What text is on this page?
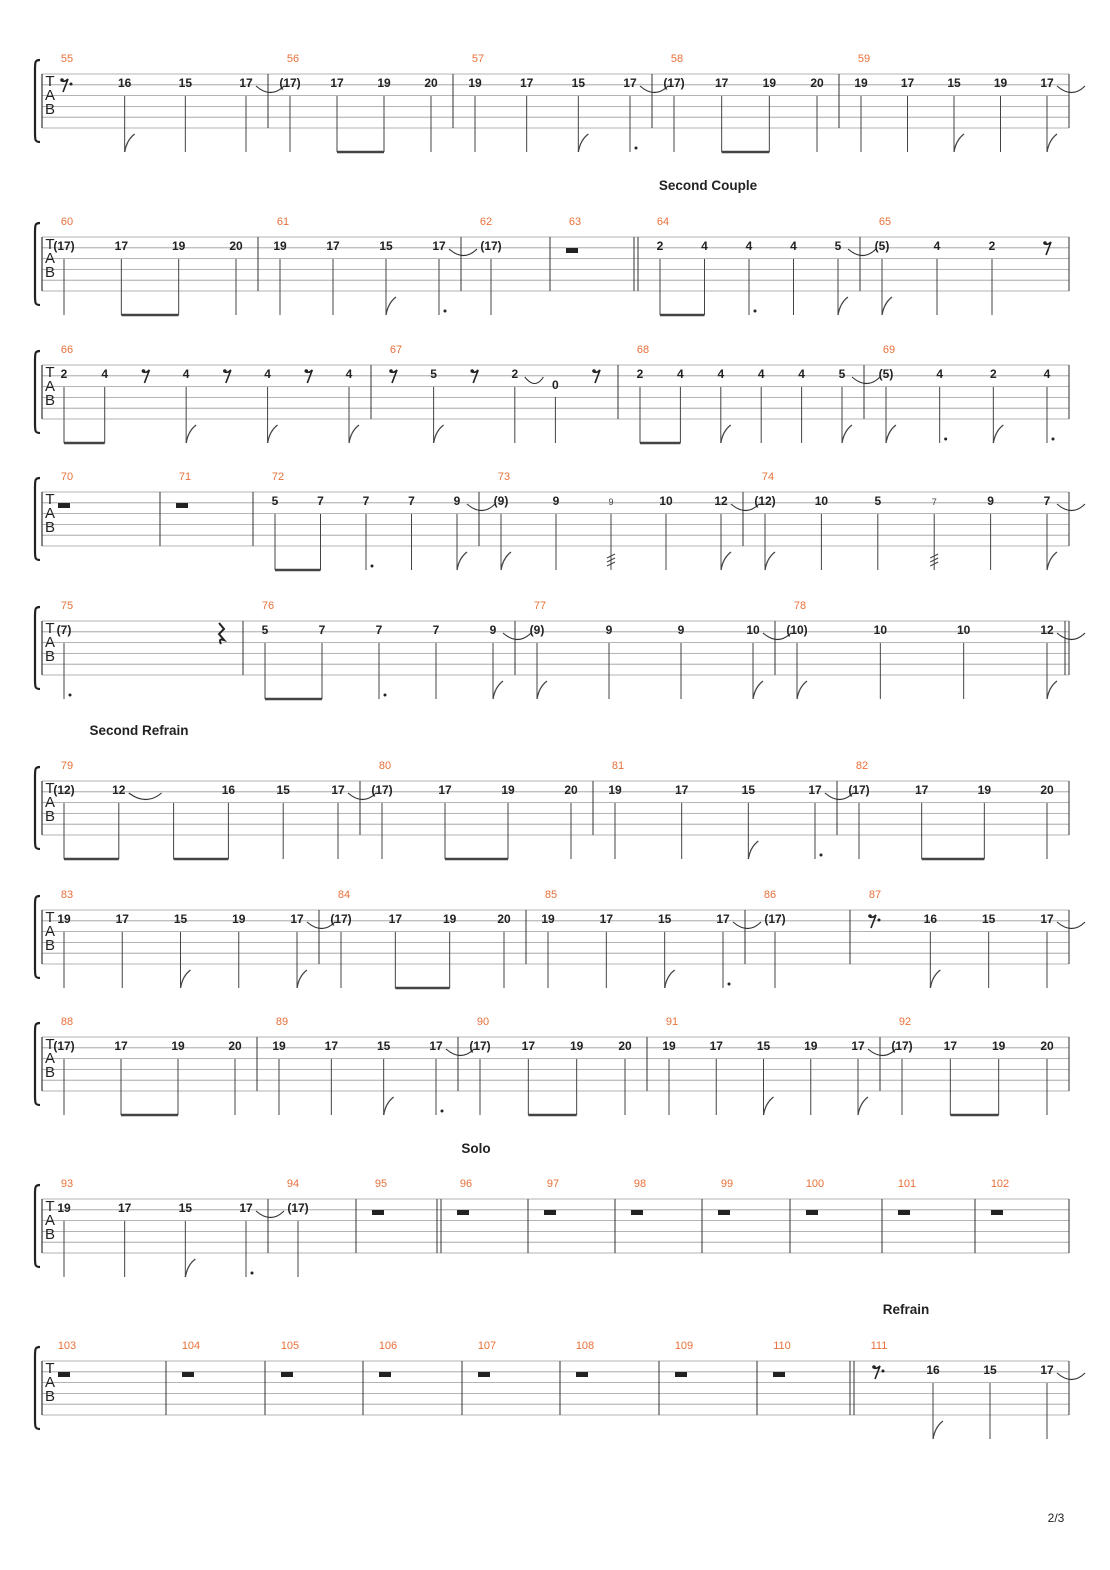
Second Couple
Second Refrain
Solo
Refrain
2/3
T
A
B
55
16	15	17
56
(17) 17	19	20
57
19	17	15	17
58
(17)	17	19	20
59
19	17	15	19	17
T
A
B
60
(17)	17	19	20
61
19	17	15	17
62
(17)
63	64
2	4	4	4	5
65
(5)	4	2
T
A
B
66
2	4	4	4	4
67
5	2
0
68
2	4	4	4	4	5
69
(5)	4	2	4
T
A
B
70	71	72
5	7	7	7	9
73
(9)	9	9	10	12
74
(12)	10	5	7	9	7
T
A
B
75
(7)
76
5	7	7	7	9
77
(9)	9	9	10
78
(10)	10	10	12
T
A
B
79
(12)	12	16	15	17
80
(17)	17	19	20
81
19	17	15	17
82
(17)	17	19	20
T
A
B
83
19	17	15	19	17
84
(17)	17	19	20
85
19	17	15	17
86
(17)
87
16	15	17
T
A
B
88
(17)	17	19	20
89
19	17	15	17
90
(17)	17	19	20
91
19	17	15	19	17
92
(17)	17	19	20
T
A
B
93
19	17	15	17
94
(17)
95	96	97	98	99	100	101	102
T
A
B
103	104	105	106	107	108	109	110	111
16	15	17
